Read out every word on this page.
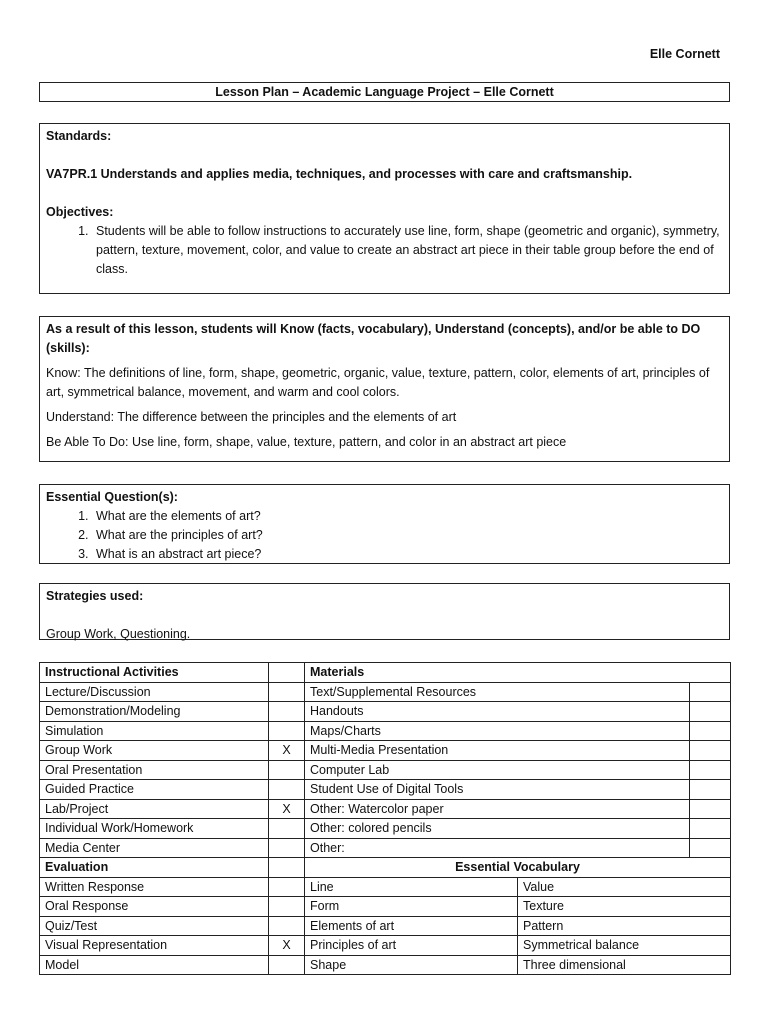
Elle Cornett
Lesson Plan – Academic Language Project – Elle Cornett

Standards:

VA7PR.1 Understands and applies media, techniques, and processes with care and craftsmanship.

Objectives:

1. Students will be able to follow instructions to accurately use line, form, shape (geometric and organic), symmetry, pattern, texture, movement, color, and value to create an abstract art piece in their table group before the end of class.

As a result of this lesson, students will Know (facts, vocabulary), Understand (concepts), and/or be able to DO (skills):

Know: The definitions of line, form, shape, geometric, organic, value, texture, pattern, color, elements of art, principles of art, symmetrical balance, movement, and warm and cool colors.

Understand: The difference between the principles and the elements of art

Be Able To Do: Use line, form, shape, value, texture, pattern, and color in an abstract art piece

Essential Question(s):

1. What are the elements of art?
2. What are the principles of art?
3. What is an abstract art piece?

Strategies used:

Group Work, Questioning.

Instructional Activities		Materials		
Lecture/Discussion		Text/Supplemental Resources		
Demonstration/Modeling		Handouts		
Simulation		Maps/Charts		
Group Work	X	Multi-Media Presentation		
Oral Presentation		Computer Lab		
Guided Practice		Student Use of Digital Tools		
Lab/Project	X	Other: Watercolor paper		
Individual Work/Homework		Other: colored pencils		
Media Center		Other:		
Evaluation		Essential Vocabulary		
Written Response		Line	Value	
Oral Response		Form	Texture	
Quiz/Test		Elements of art	Pattern	
Visual Representation	X	Principles of art	Symmetrical balance	
Model		Shape	Three dimensional	
